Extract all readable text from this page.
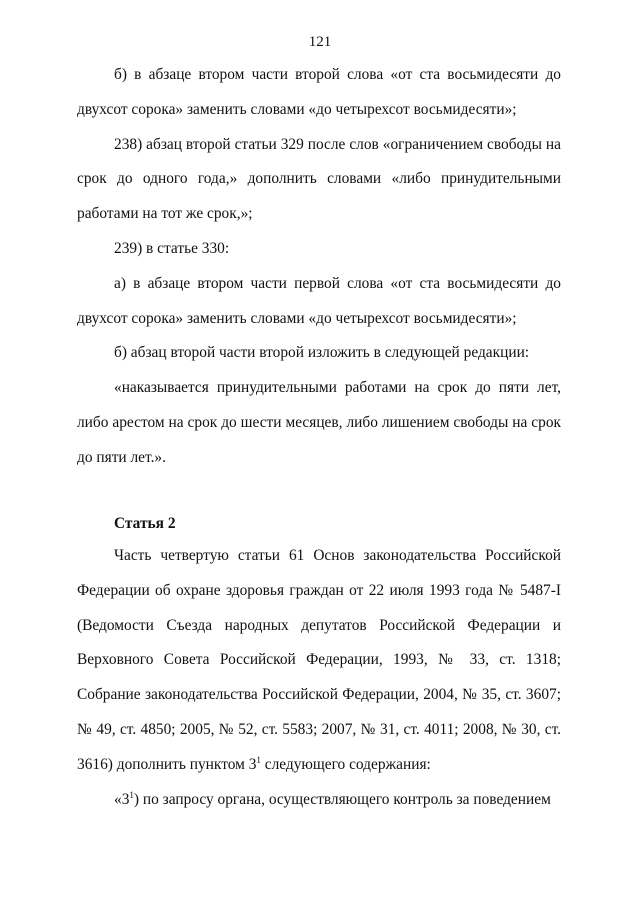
121

б) в абзаце втором части второй слова «от ста восьмидесяти до двухсот сорока» заменить словами «до четырехсот восьмидесяти»;

238) абзац второй статьи 329 после слов «ограничением свободы на срок до одного года,» дополнить словами «либо принудительными работами на тот же срок,»;

239) в статье 330:

а) в абзаце втором части первой слова «от ста восьмидесяти до двухсот сорока» заменить словами «до четырехсот восьмидесяти»;

б) абзац второй части второй изложить в следующей редакции:

«наказывается принудительными работами на срок до пяти лет, либо арестом на срок до шести месяцев, либо лишением свободы на срок до пяти лет.».

Статья 2

Часть четвертую статьи 61 Основ законодательства Российской Федерации об охране здоровья граждан от 22 июля 1993 года № 5487-I (Ведомости Съезда народных депутатов Российской Федерации и Верховного Совета Российской Федерации, 1993, № 33, ст. 1318; Собрание законодательства Российской Федерации, 2004, № 35, ст. 3607; № 49, ст. 4850; 2005, № 52, ст. 5583; 2007, № 31, ст. 4011; 2008, № 30, ст. 3616) дополнить пунктом $3^1$ следующего содержания:

«$3^1$) по запросу органа, осуществляющего контроль за поведением
